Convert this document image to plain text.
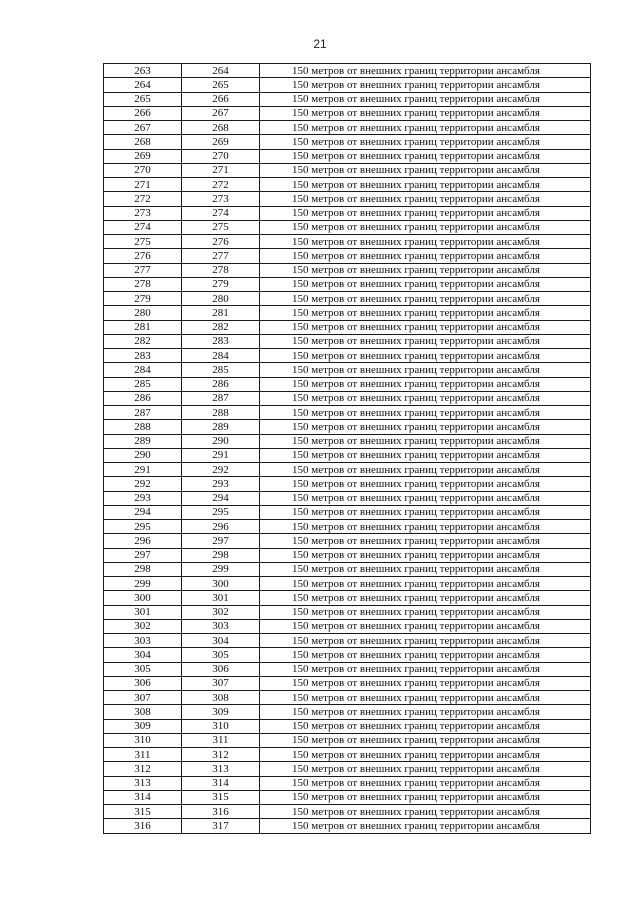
21
263	264	150 метров от внешних границ территории ансамбля
264	265	150 метров от внешних границ территории ансамбля
265	266	150 метров от внешних границ территории ансамбля
266	267	150 метров от внешних границ территории ансамбля
267	268	150 метров от внешних границ территории ансамбля
268	269	150 метров от внешних границ территории ансамбля
269	270	150 метров от внешних границ территории ансамбля
270	271	150 метров от внешних границ территории ансамбля
271	272	150 метров от внешних границ территории ансамбля
272	273	150 метров от внешних границ территории ансамбля
273	274	150 метров от внешних границ территории ансамбля
274	275	150 метров от внешних границ территории ансамбля
275	276	150 метров от внешних границ территории ансамбля
276	277	150 метров от внешних границ территории ансамбля
277	278	150 метров от внешних границ территории ансамбля
278	279	150 метров от внешних границ территории ансамбля
279	280	150 метров от внешних границ территории ансамбля
280	281	150 метров от внешних границ территории ансамбля
281	282	150 метров от внешних границ территории ансамбля
282	283	150 метров от внешних границ территории ансамбля
283	284	150 метров от внешних границ территории ансамбля
284	285	150 метров от внешних границ территории ансамбля
285	286	150 метров от внешних границ территории ансамбля
286	287	150 метров от внешних границ территории ансамбля
287	288	150 метров от внешних границ территории ансамбля
288	289	150 метров от внешних границ территории ансамбля
289	290	150 метров от внешних границ территории ансамбля
290	291	150 метров от внешних границ территории ансамбля
291	292	150 метров от внешних границ территории ансамбля
292	293	150 метров от внешних границ территории ансамбля
293	294	150 метров от внешних границ территории ансамбля
294	295	150 метров от внешних границ территории ансамбля
295	296	150 метров от внешних границ территории ансамбля
296	297	150 метров от внешних границ территории ансамбля
297	298	150 метров от внешних границ территории ансамбля
298	299	150 метров от внешних границ территории ансамбля
299	300	150 метров от внешних границ территории ансамбля
300	301	150 метров от внешних границ территории ансамбля
301	302	150 метров от внешних границ территории ансамбля
302	303	150 метров от внешних границ территории ансамбля
303	304	150 метров от внешних границ территории ансамбля
304	305	150 метров от внешних границ территории ансамбля
305	306	150 метров от внешних границ территории ансамбля
306	307	150 метров от внешних границ территории ансамбля
307	308	150 метров от внешних границ территории ансамбля
308	309	150 метров от внешних границ территории ансамбля
309	310	150 метров от внешних границ территории ансамбля
310	311	150 метров от внешних границ территории ансамбля
311	312	150 метров от внешних границ территории ансамбля
312	313	150 метров от внешних границ территории ансамбля
313	314	150 метров от внешних границ территории ансамбля
314	315	150 метров от внешних границ территории ансамбля
315	316	150 метров от внешних границ территории ансамбля
316	317	150 метров от внешних границ территории ансамбля
